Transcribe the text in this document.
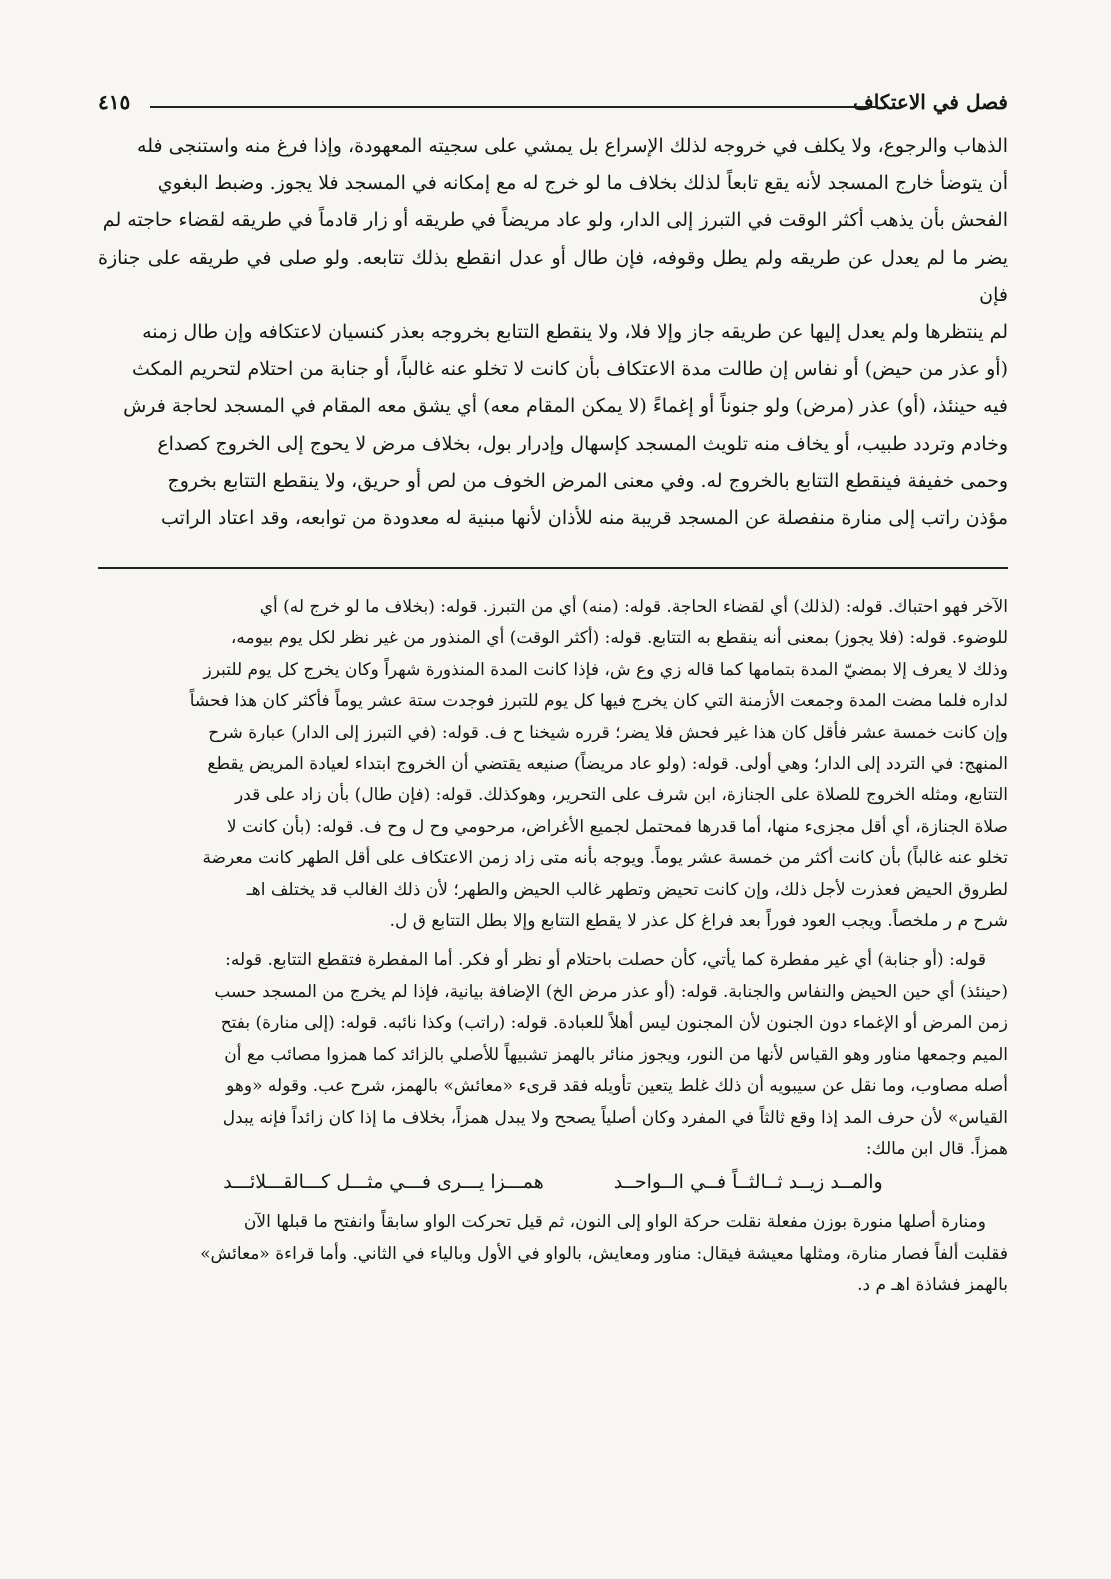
فصل في الاعتكاف
٤١٥

الذهاب والرجوع، ولا يكلف في خروجه لذلك الإسراع بل يمشي على سجيته المعهودة، وإذا فرغ منه واستنجى فله

أن يتوضأ خارج المسجد لأنه يقع تابعاً لذلك بخلاف ما لو خرج له مع إمكانه في المسجد فلا يجوز. وضبط البغوي

الفحش بأن يذهب أكثر الوقت في التبرز إلى الدار، ولو عاد مريضاً في طريقه أو زار قادماً في طريقه لقضاء حاجته لم

يضر ما لم يعدل عن طريقه ولم يطل وقوفه، فإن طال أو عدل انقطع بذلك تتابعه. ولو صلى في طريقه على جنازة فإن

لم ينتظرها ولم يعدل إليها عن طريقه جاز وإلا فلا، ولا ينقطع التتابع بخروجه بعذر كنسيان لاعتكافه وإن طال زمنه

(أو عذر من حيض) أو نفاس إن طالت مدة الاعتكاف بأن كانت لا تخلو عنه غالباً، أو جنابة من احتلام لتحريم المكث

فيه حينئذ، (أو) عذر (مرض) ولو جنوناً أو إغماءً (لا يمكن المقام معه) أي يشق معه المقام في المسجد لحاجة فرش

وخادم وتردد طبيب، أو يخاف منه تلويث المسجد كإسهال وإدرار بول، بخلاف مرض لا يحوج إلى الخروج كصداع

وحمى خفيفة فينقطع التتابع بالخروج له. وفي معنى المرض الخوف من لص أو حريق، ولا ينقطع التتابع بخروج

مؤذن راتب إلى منارة منفصلة عن المسجد قريبة منه للأذان لأنها مبنية له معدودة من توابعه، وقد اعتاد الراتب

الآخر فهو احتباك. قوله: (لذلك) أي لقضاء الحاجة. قوله: (منه) أي من التبرز. قوله: (بخلاف ما لو خرج له) أي

للوضوء. قوله: (فلا يجوز) بمعنى أنه ينقطع به التتابع. قوله: (أكثر الوقت) أي المنذور من غير نظر لكل يوم بيومه،

وذلك لا يعرف إلا بمضيّ المدة بتمامها كما قاله زي وع ش، فإذا كانت المدة المنذورة شهراً وكان يخرج كل يوم للتبرز

لداره فلما مضت المدة وجمعت الأزمنة التي كان يخرج فيها كل يوم للتبرز فوجدت ستة عشر يوماً فأكثر كان هذا فحشاً

وإن كانت خمسة عشر فأقل كان هذا غير فحش فلا يضر؛ قرره شيخنا ح ف. قوله: (في التبرز إلى الدار) عبارة شرح

المنهج: في التردد إلى الدار؛ وهي أولى. قوله: (ولو عاد مريضاً) صنيعه يقتضي أن الخروج ابتداء لعيادة المريض يقطع

التتابع، ومثله الخروج للصلاة على الجنازة، ابن شرف على التحرير، وهوكذلك. قوله: (فإن طال) بأن زاد على قدر

صلاة الجنازة، أي أقل مجزىء منها، أما قدرها فمحتمل لجميع الأغراض، مرحومي وح ل وح ف. قوله: (بأن كانت لا

تخلو عنه غالباً) بأن كانت أكثر من خمسة عشر يوماً. ويوجه بأنه متى زاد زمن الاعتكاف على أقل الطهر كانت معرضة

لطروق الحيض فعذرت لأجل ذلك، وإن كانت تحيض وتطهر غالب الحيض والطهر؛ لأن ذلك الغالب قد يختلف اهـ

شرح م ر ملخصاً. ويجب العود فوراً بعد فراغ كل عذر لا يقطع التتابع وإلا بطل التتابع ق ل.

قوله: (أو جنابة) أي غير مفطرة كما يأتي، كأن حصلت باحتلام أو نظر أو فكر. أما المفطرة فتقطع التتابع. قوله:

(حينئذ) أي حين الحيض والنفاس والجنابة. قوله: (أو عذر مرض الخ) الإضافة بيانية، فإذا لم يخرج من المسجد حسب

زمن المرض أو الإغماء دون الجنون لأن المجنون ليس أهلاً للعبادة. قوله: (راتب) وكذا نائبه. قوله: (إلى منارة) بفتح

الميم وجمعها مناور وهو القياس لأنها من النور، ويجوز منائر بالهمز تشبيهاً للأصلي بالزائد كما همزوا مصائب مع أن

أصله مصاوب، وما نقل عن سيبويه أن ذلك غلط يتعين تأويله فقد قرىء «معائش» بالهمز، شرح عب. وقوله «وهو

القياس» لأن حرف المد إذا وقع ثالثاً في المفرد وكان أصلياً يصحح ولا يبدل همزاً، بخلاف ما إذا كان زائداً فإنه يبدل

همزاً. قال ابن مالك:

والمــد زيــد ثــالثــاً فــي الــواحــد
همـــزا يـــرى فـــي مثـــل كـــالقـــلائـــد

ومنارة أصلها منورة بوزن مفعلة نقلت حركة الواو إلى النون، ثم قيل تحركت الواو سابقاً وانفتح ما قبلها الآن

فقلبت ألفاً فصار منارة، ومثلها معيشة فيقال: مناور ومعايش، بالواو في الأول وبالياء في الثاني. وأما قراءة «معائش»

بالهمز فشاذة اهـ م د.
